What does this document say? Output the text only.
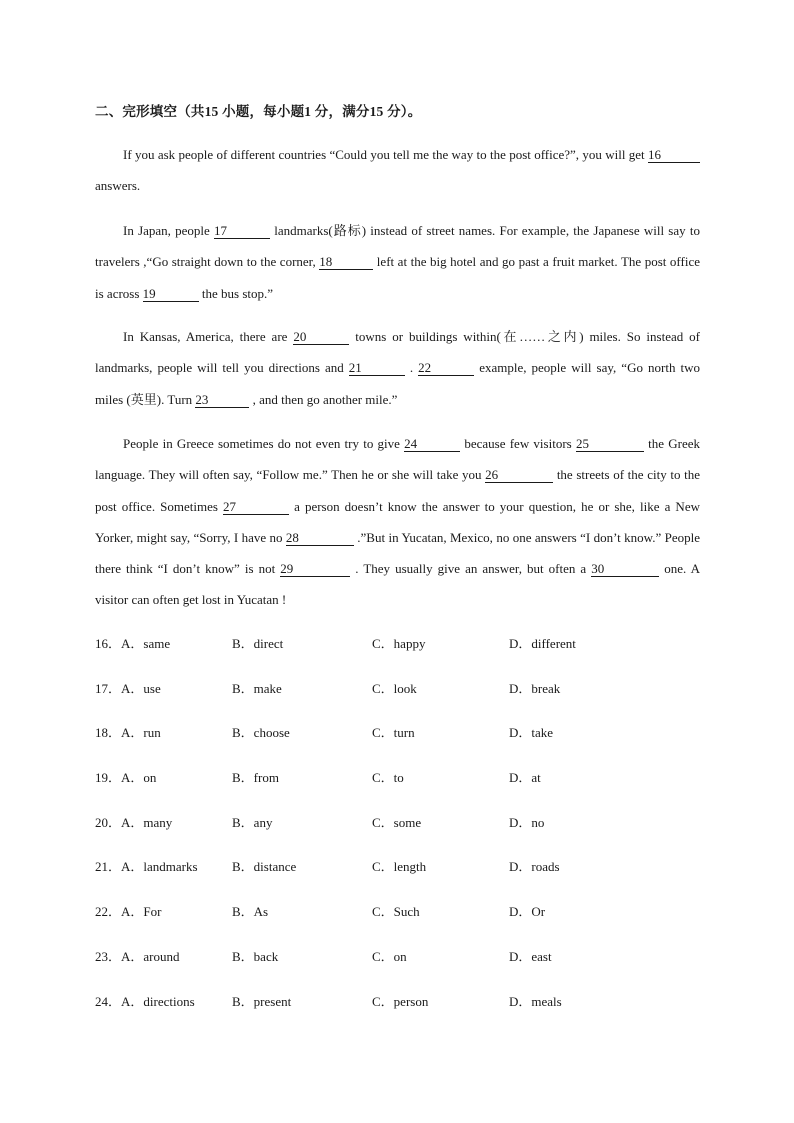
二、完形填空（共15 小题，每小题1 分，满分15 分）。
If you ask people of different countries “Could you tell me the way to the post office?”, you will get 16 answers.
In Japan, people 17	landmarks(路标) instead of street names. For example, the Japanese will say to travelers ,“Go straight down to the corner, 18	left at the big hotel and go past a fruit market. The post office is across 19	the bus stop.”
In Kansas, America, there are 20	towns or buildings within(在……之内) miles. So instead of landmarks, people will tell you directions and 21	. 22	example, people will say, “Go north two miles (英里). Turn 23	, and then go another mile.”
People in Greece sometimes do not even try to give 24	because few visitors 25	the Greek language. They will often say, “Follow me.” Then he or she will take you 26	the streets of the city to the post office. Sometimes 27	a person doesn’t know the answer to your question, he or she, like a New Yorker, might say, “Sorry, I have no 28	.”But in Yucatan, Mexico, no one answers “I don’t know.” People there think “I don’t know” is not 29	. They usually give an answer, but often a 30	one. A visitor can often get lost in Yucatan !
16．A．same	B．direct	C．happy	D．different
17．A．use	B．make	C．look	D．break
18．A．run	B．choose	C．turn	D．take
19．A．on	B．from	C．to	D．at
20．A．many	B．any	C．some	D．no
21．A．landmarks	B．distance	C．length	D．roads
22．A．For	B．As	C．Such	D．Or
23．A．around	B．back	C．on	D．east
24．A．directions	B．present	C．person	D．meals
